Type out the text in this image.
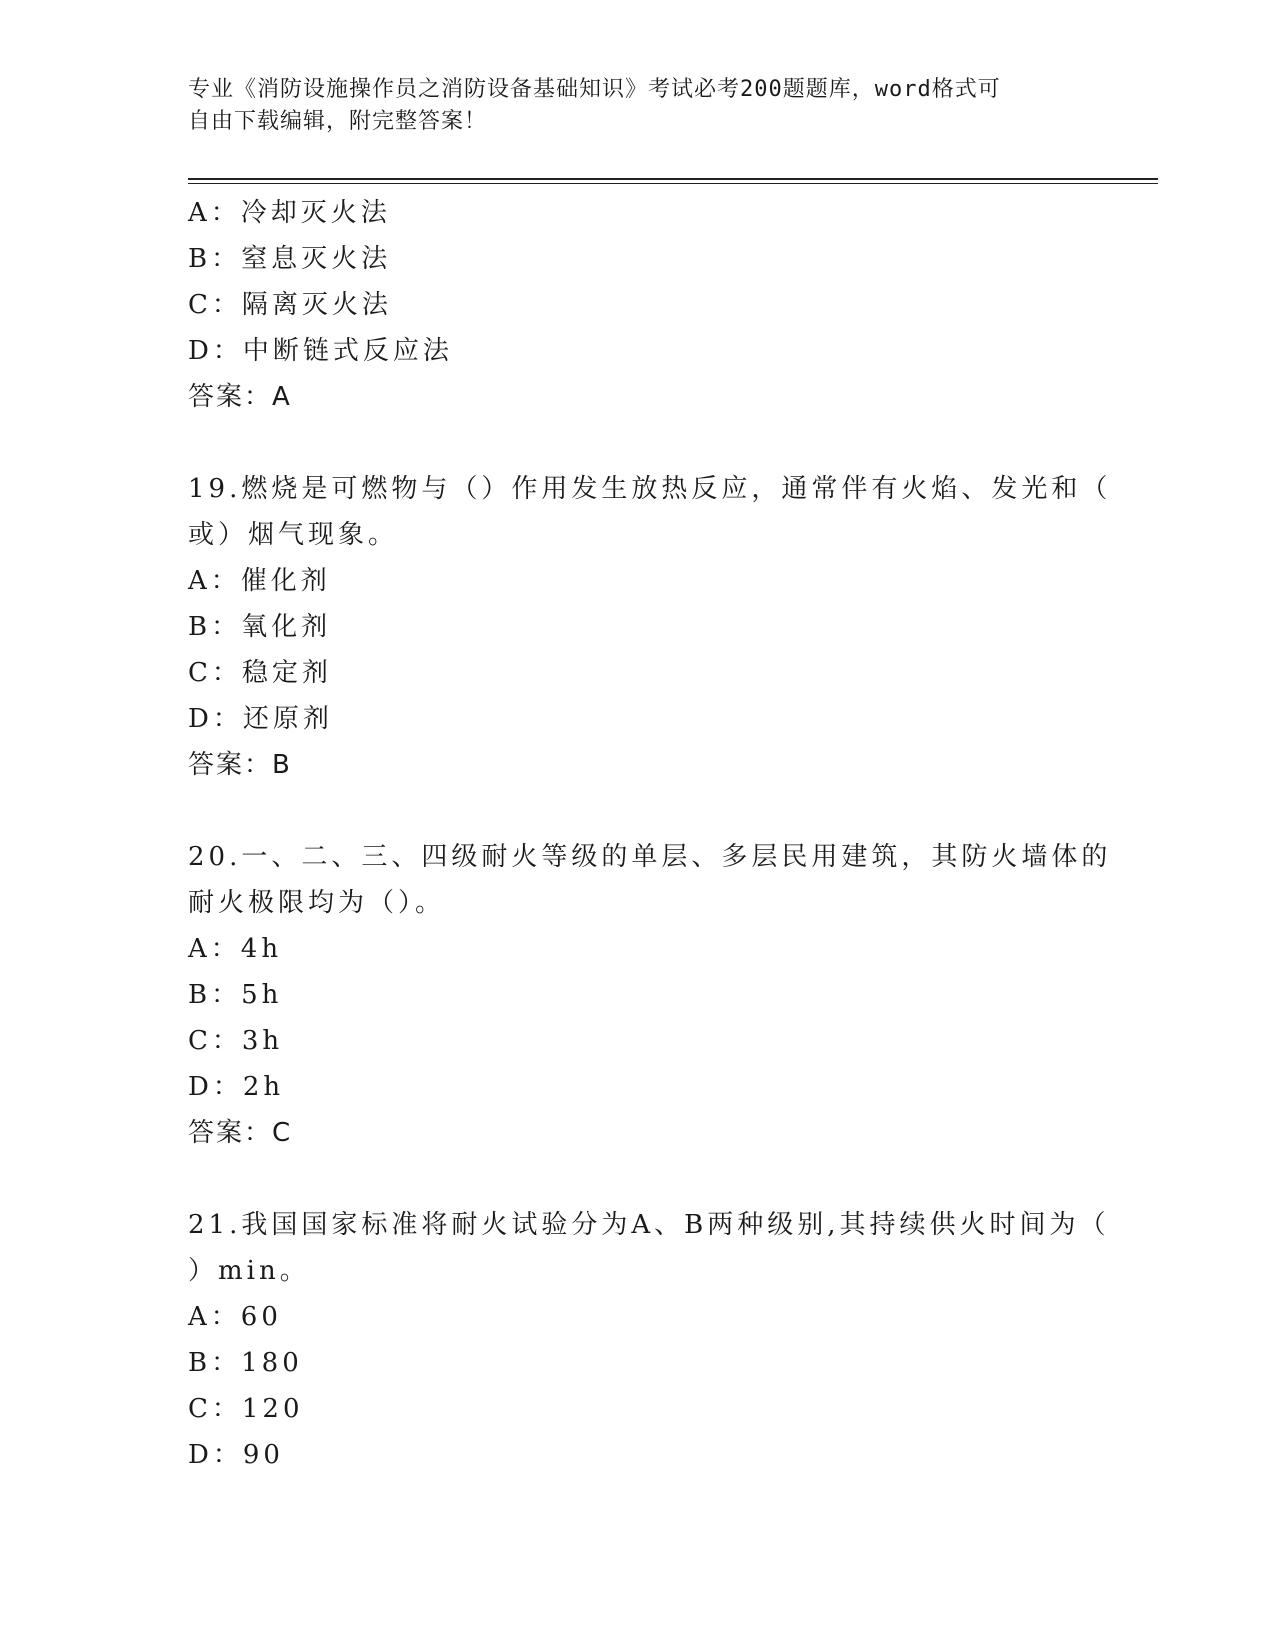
专业《消防设施操作员之消防设备基础知识》考试必考200题题库，word格式可
自由下载编辑，附完整答案！
A：冷却灭火法
B：窒息灭火法
C：隔离灭火法
D：中断链式反应法
答案：A
19.燃烧是可燃物与（）作用发生放热反应，通常伴有火焰、发光和（
或）烟气现象。
A：催化剂
B：氧化剂
C：稳定剂
D：还原剂
答案：B
20.一、二、三、四级耐火等级的单层、多层民用建筑，其防火墙体的
耐火极限均为（）。
A：4h
B：5h
C：3h
D：2h
答案：C
21.我国国家标准将耐火试验分为A、B两种级别,其持续供火时间为（
）min。
A：60
B：180
C：120
D：90
